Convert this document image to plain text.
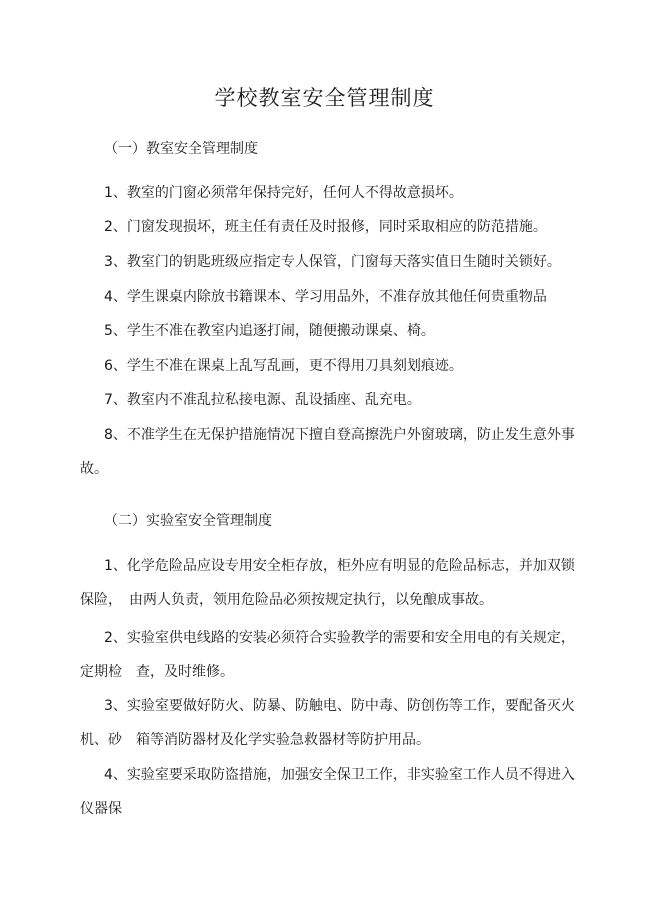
学校教室安全管理制度
（一）教室安全管理制度
1、教室的门窗必须常年保持完好，任何人不得故意损坏。
2、门窗发现损坏，班主任有责任及时报修，同时采取相应的防范措施。
3、教室门的钥匙班级应指定专人保管，门窗每天落实值日生随时关锁好。
4、学生课桌内除放书籍课本、学习用品外，不准存放其他任何贵重物品
5、学生不准在教室内追逐打闹，随便搬动课桌、椅。
6、学生不准在课桌上乱写乱画，更不得用刀具刻划痕迹。
7、教室内不准乱拉私接电源、乱设插座、乱充电。
8、不准学生在无保护措施情况下擅自登高擦洗户外窗玻璃，防止发生意外事故。
（二）实验室安全管理制度
1、化学危险品应设专用安全柜存放，柜外应有明显的危险品标志，并加双锁保险，　由两人负责，领用危险品必须按规定执行，以免酿成事故。
2、实验室供电线路的安装必须符合实验教学的需要和安全用电的有关规定，定期检　查，及时维修。
3、实验室要做好防火、防暴、防触电、防中毒、防创伤等工作，要配备灭火机、砂　箱等消防器材及化学实验急救器材等防护用品。
4、实验室要采取防盗措施，加强安全保卫工作，非实验室工作人员不得进入仪器保
